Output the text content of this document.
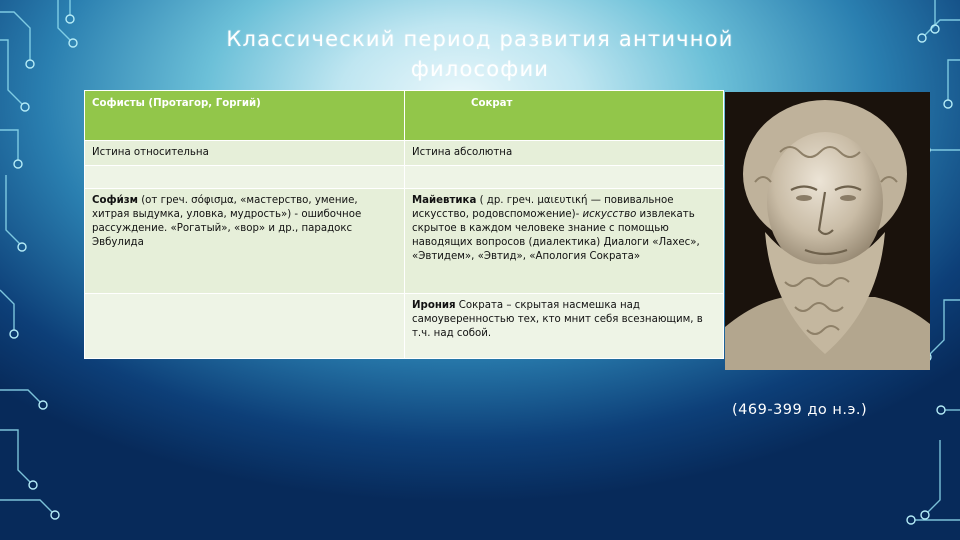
Классический период развития античной философии
Софисты (Протагор, Горгий)	Сократ
Истина относительна	Истина абсолютна

Софи́зм (от греч. σόφισμα, «мастерство, умение, хитрая выдумка, уловка, мудрость») - ошибочное рассуждение. «Рогатый», «вор» и др., парадокс Эвбулида	Майевтика ( др. греч. μαιευτική — повивальное искусство, родовспоможение)- искусство извлекать скрытое в каждом человеке знание с помощью наводящих вопросов (диалектика) Диалоги «Лахес», «Эвтидем», «Эвтид», «Апология Сократа»
	Ирония Сократа – скрытая насмешка над самоуверенностью тех, кто мнит себя всезнающим, в т.ч. над собой.
(469-399 до н.э.)
